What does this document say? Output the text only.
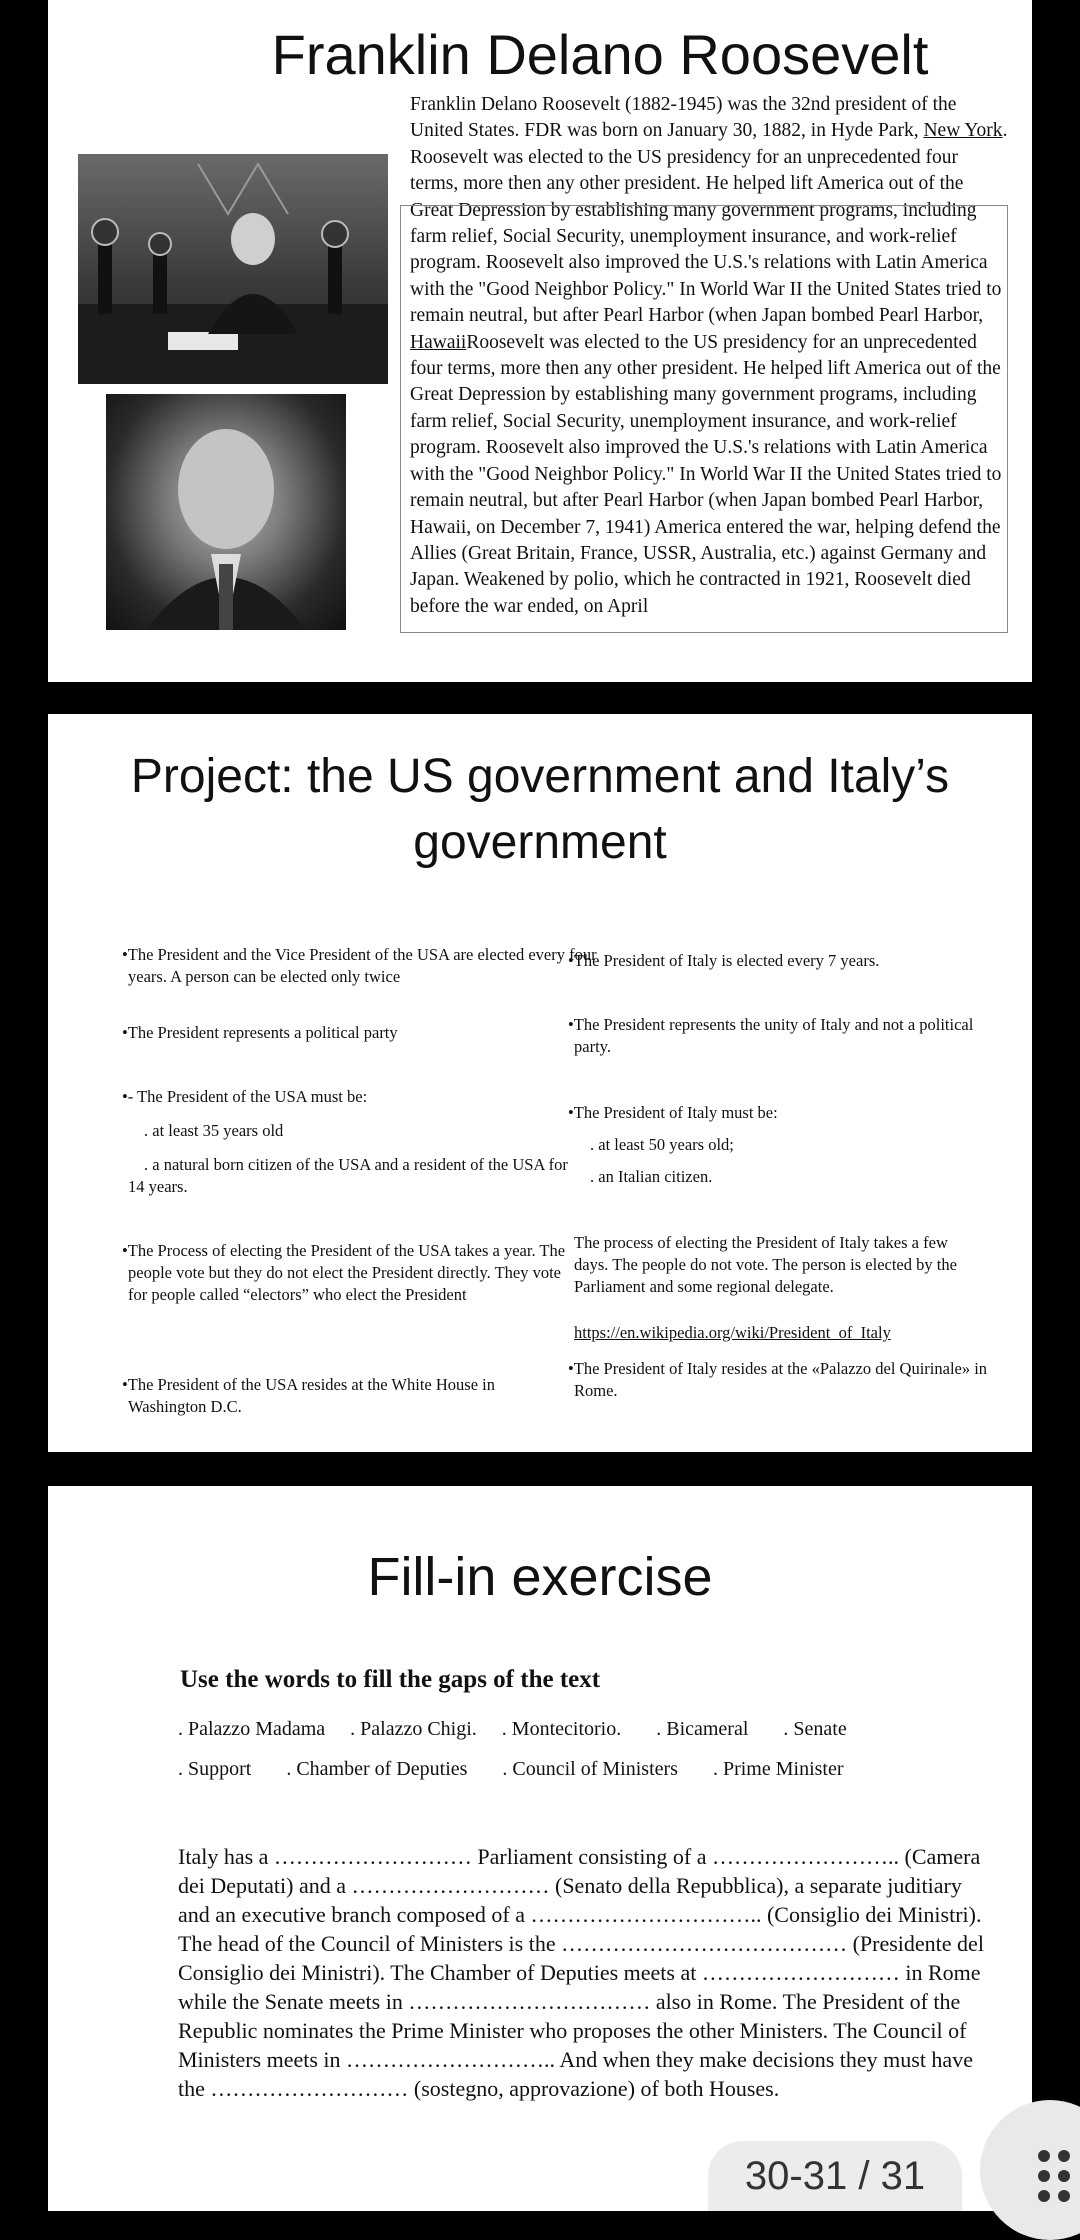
Franklin Delano Roosevelt
Franklin Delano Roosevelt (1882-1945) was the 32nd president of the United States. FDR was born on January 30, 1882, in Hyde Park, New York.
Roosevelt was elected to the US presidency for an unprecedented four terms, more then any other president. He helped lift America out of the Great Depression by establishing many government programs, including farm relief, Social Security, unemployment insurance, and work-relief program. Roosevelt also improved the U.S.'s relations with Latin America with the "Good Neighbor Policy." In World War II the United States tried to remain neutral, but after Pearl Harbor (when Japan bombed Pearl Harbor, HawaiiRoosevelt was elected to the US presidency for an unprecedented four terms, more then any other president. He helped lift America out of the Great Depression by establishing many government programs, including farm relief, Social Security, unemployment insurance, and work-relief program. Roosevelt also improved the U.S.'s relations with Latin America with the "Good Neighbor Policy." In World War II the United States tried to remain neutral, but after Pearl Harbor (when Japan bombed Pearl Harbor, Hawaii, on December 7, 1941) America entered the war, helping defend the Allies (Great Britain, France, USSR, Australia, etc.) against Germany and Japan. Weakened by polio, which he contracted in 1921, Roosevelt died before the war ended, on April
Project: the US government and Italy’s government

•The President and the Vice President of the USA are elected every four years. A person can be elected only twice

•The President represents a political party

•- The President of the USA must be:

. at least 35 years old

. a natural born citizen of the USA and a resident of the USA for 14 years.

•The Process of electing the President of the USA takes a year. The people vote but they do not elect the President directly. They vote for people called “electors” who elect the President

•The President of the USA resides at the White House in Washington D.C.

•The President of Italy is elected every 7 years.

•The President represents the unity of Italy and not a political party.

•The President of Italy must be:

. at least 50 years old;

. an Italian citizen.

The process of electing the President of Italy takes a few days. The people do not vote. The person is elected by the Parliament and some regional delegate.

https://en.wikipedia.org/wiki/President_of_Italy

•The President of Italy resides at the «Palazzo del Quirinale» in Rome.

Fill-in exercise

Use the words to fill the gaps of the text

. Palazzo Madama     . Palazzo Chigi.     . Montecitorio.       . Bicameral       . Senate
. Support       . Chamber of Deputies       . Council of Ministers       . Prime Minister

Italy has a ……………………… Parliament consisting of a …………………….. (Camera dei Deputati) and a ……………………… (Senato della Repubblica), a separate juditiary and an executive branch composed of a ………………………….. (Consiglio dei Ministri). The head of the Council of Ministers is the ………………………………… (Presidente del Consiglio dei Ministri). The Chamber of Deputies meets at ……………………… in Rome while the Senate meets in …………………………… also in Rome. The President of the Republic nominates the Prime Minister who proposes the other Ministers. The Council of Ministers meets in ……………………….. And when they make decisions they must have the ……………………… (sostegno, approvazione) of both Houses.

30-31 / 31
